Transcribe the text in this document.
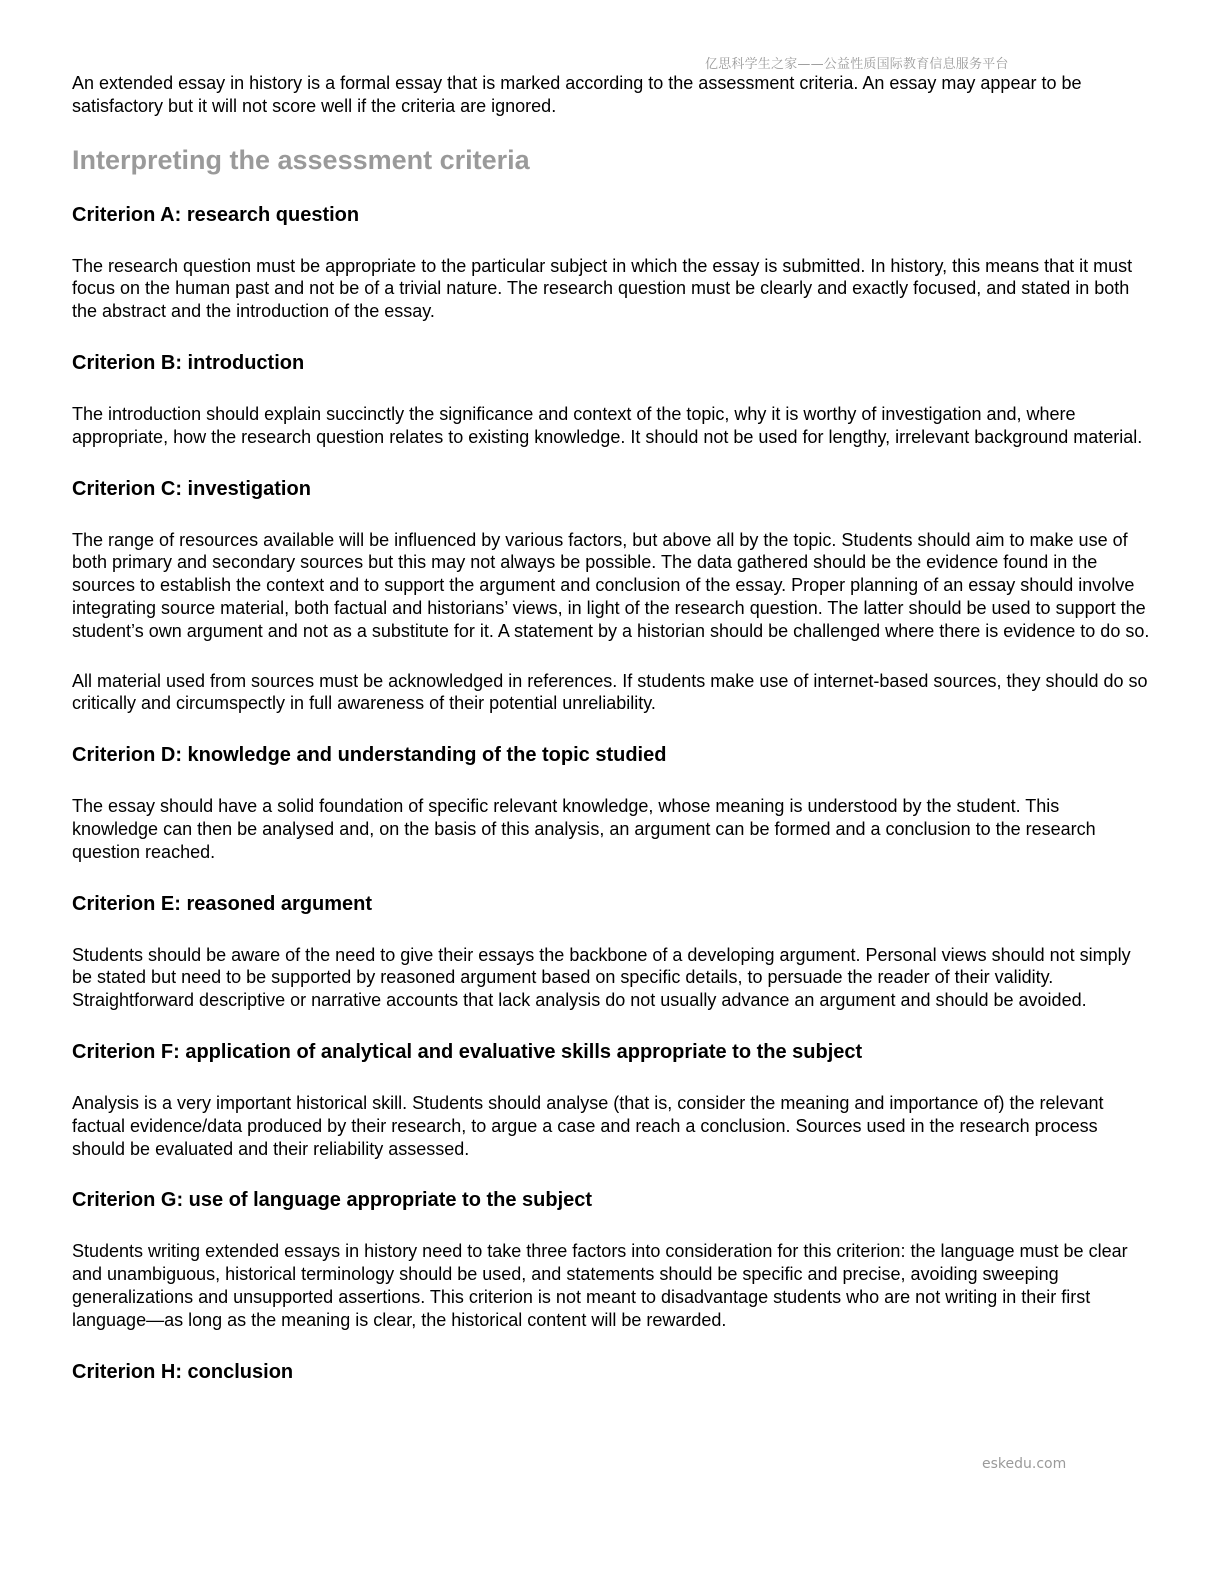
亿思科学生之家——公益性质国际教育信息服务平台

An extended essay in history is a formal essay that is marked according to the assessment criteria. An essay may appear to be satisfactory but it will not score well if the criteria are ignored.

Interpreting the assessment criteria
Criterion A: research question

The research question must be appropriate to the particular subject in which the essay is submitted. In history, this means that it must focus on the human past and not be of a trivial nature. The research question must be clearly and exactly focused, and stated in both the abstract and the introduction of the essay.

Criterion B: introduction

The introduction should explain succinctly the significance and context of the topic, why it is worthy of investigation and, where appropriate, how the research question relates to existing knowledge. It should not be used for lengthy, irrelevant background material.

Criterion C: investigation

The range of resources available will be influenced by various factors, but above all by the topic. Students should aim to make use of both primary and secondary sources but this may not always be possible. The data gathered should be the evidence found in the sources to establish the context and to support the argument and conclusion of the essay. Proper planning of an essay should involve integrating source material, both factual and historians’ views, in light of the research question. The latter should be used to support the student’s own argument and not as a substitute for it. A statement by a historian should be challenged where there is evidence to do so.

All material used from sources must be acknowledged in references. If students make use of internet-based sources, they should do so critically and circumspectly in full awareness of their potential unreliability.

Criterion D: knowledge and understanding of the topic studied

The essay should have a solid foundation of specific relevant knowledge, whose meaning is understood by the student. This knowledge can then be analysed and, on the basis of this analysis, an argument can be formed and a conclusion to the research question reached.

Criterion E: reasoned argument

Students should be aware of the need to give their essays the backbone of a developing argument. Personal views should not simply be stated but need to be supported by reasoned argument based on specific details, to persuade the reader of their validity. Straightforward descriptive or narrative accounts that lack analysis do not usually advance an argument and should be avoided.

Criterion F: application of analytical and evaluative skills appropriate to the subject

Analysis is a very important historical skill. Students should analyse (that is, consider the meaning and importance of) the relevant factual evidence/data produced by their research, to argue a case and reach a conclusion. Sources used in the research process should be evaluated and their reliability assessed.

Criterion G: use of language appropriate to the subject

Students writing extended essays in history need to take three factors into consideration for this criterion: the language must be clear and unambiguous, historical terminology should be used, and statements should be specific and precise, avoiding sweeping generalizations and unsupported assertions. This criterion is not meant to disadvantage students who are not writing in their first language—as long as the meaning is clear, the historical content will be rewarded.

Criterion H: conclusion
eskedu.com
